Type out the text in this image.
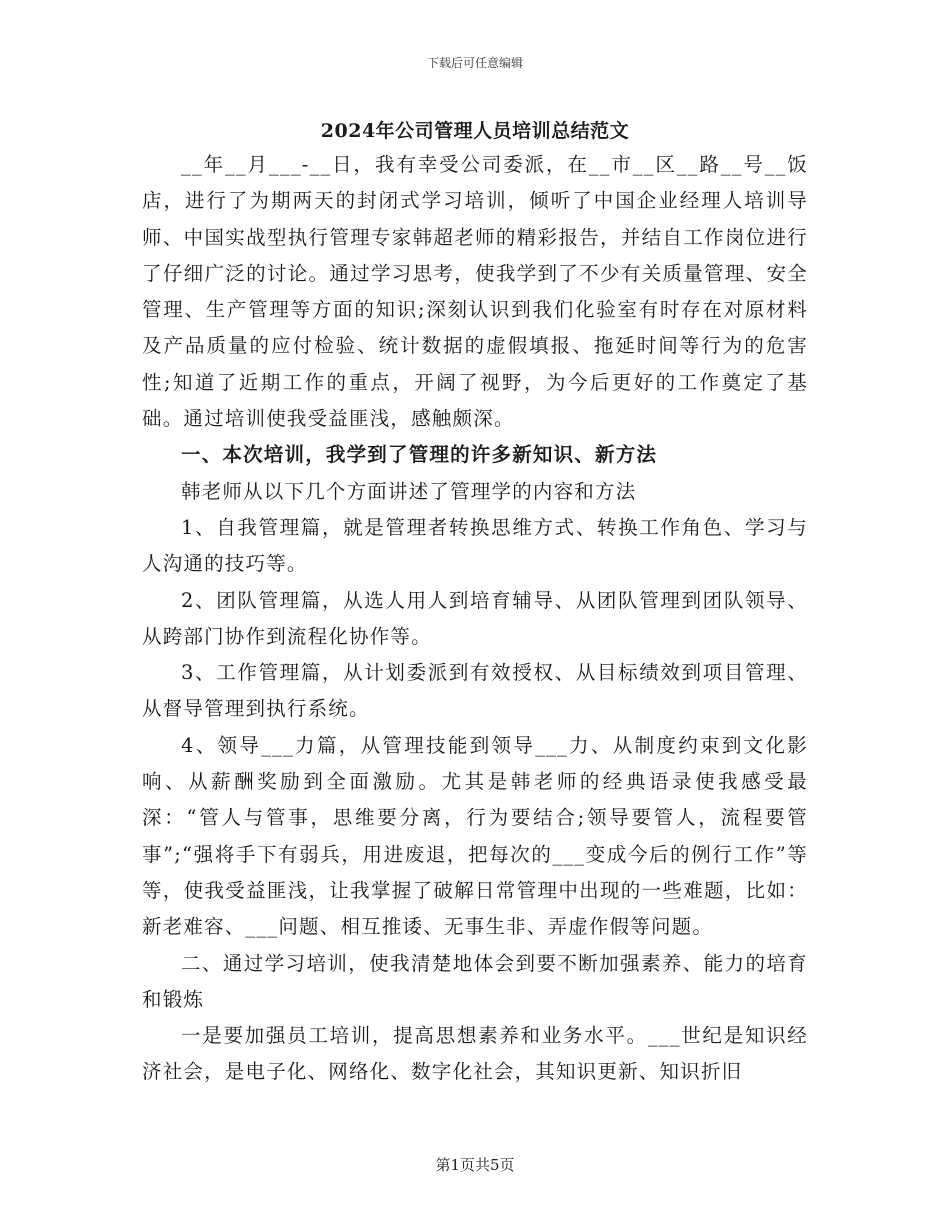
下载后可任意编辑
2024年公司管理人员培训总结范文

__年__月___-__日，我有幸受公司委派，在__市__区__路__号__饭店，进行了为期两天的封闭式学习培训，倾听了中国企业经理人培训导师、中国实战型执行管理专家韩超老师的精彩报告，并结自工作岗位进行了仔细广泛的讨论。通过学习思考，使我学到了不少有关质量管理、安全管理、生产管理等方面的知识;深刻认识到我们化验室有时存在对原材料及产品质量的应付检验、统计数据的虚假填报、拖延时间等行为的危害性;知道了近期工作的重点，开阔了视野，为今后更好的工作奠定了基础。通过培训使我受益匪浅，感触颇深。

一、本次培训，我学到了管理的许多新知识、新方法

韩老师从以下几个方面讲述了管理学的内容和方法

1、自我管理篇，就是管理者转换思维方式、转换工作角色、学习与人沟通的技巧等。

2、团队管理篇，从选人用人到培育辅导、从团队管理到团队领导、从跨部门协作到流程化协作等。

3、工作管理篇，从计划委派到有效授权、从目标绩效到项目管理、从督导管理到执行系统。

4、领导___力篇，从管理技能到领导___力、从制度约束到文化影响、从薪酬奖励到全面激励。尤其是韩老师的经典语录使我感受最深：“管人与管事，思维要分离，行为要结合;领导要管人，流程要管事”;“强将手下有弱兵，用进废退，把每次的___变成今后的例行工作”等等，使我受益匪浅，让我掌握了破解日常管理中出现的一些难题，比如：新老难容、___问题、相互推诿、无事生非、弄虚作假等问题。

二、通过学习培训，使我清楚地体会到要不断加强素养、能力的培育和锻炼

一是要加强员工培训，提高思想素养和业务水平。___世纪是知识经济社会，是电子化、网络化、数字化社会，其知识更新、知识折旧

第1页共5页
